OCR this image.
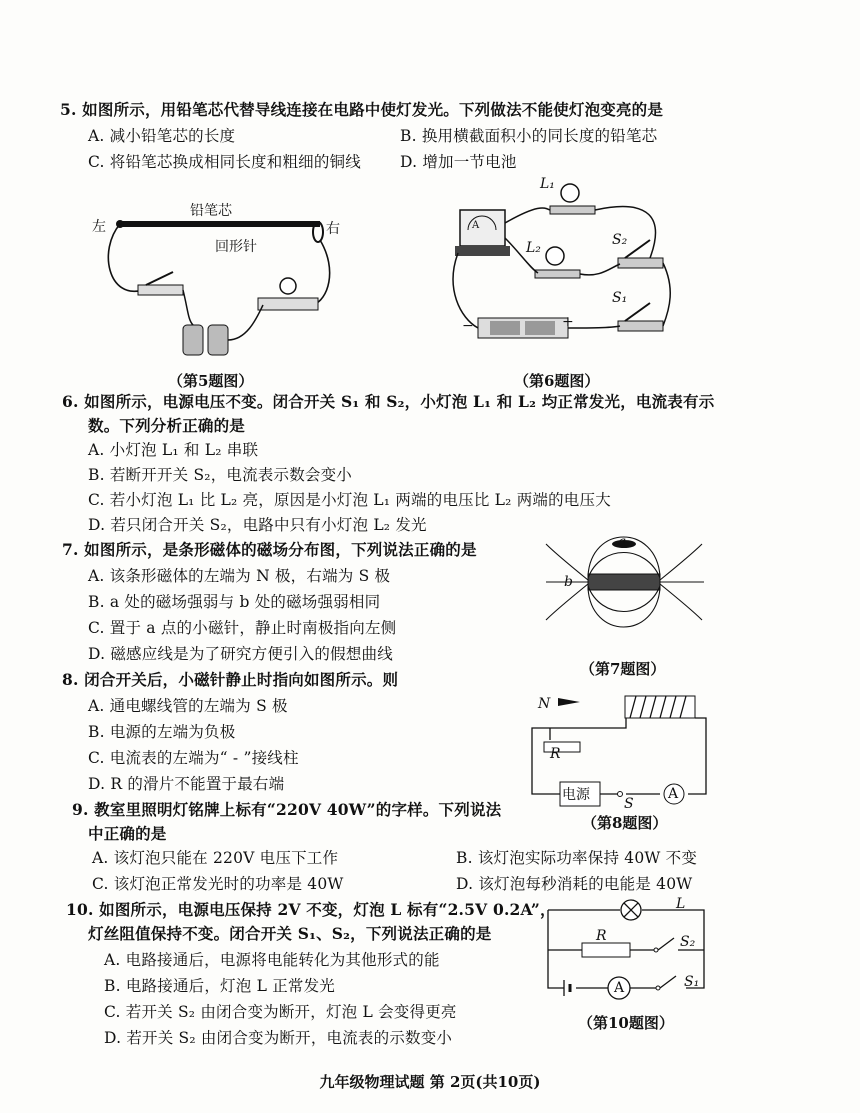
5. 如图所示，用铅笔芯代替导线连接在电路中使灯发光。下列做法不能使灯泡变亮的是
A. 减小铅笔芯的长度	B. 换用横截面积小的同长度的铅笔芯
C. 将铅笔芯换成相同长度和粗细的铜线	D. 增加一节电池
左	右
铅笔芯
回形针
（第5题图）
L₁
L₂	S₂
S₁
A
−	+
（第6题图）
6. 如图所示，电源电压不变。闭合开关 S₁ 和 S₂，小灯泡 L₁ 和 L₂ 均正常发光，电流表有示
数。下列分析正确的是
A. 小灯泡 L₁ 和 L₂ 串联
B. 若断开开关 S₂，电流表示数会变小
C. 若小灯泡 L₁ 比 L₂ 亮，原因是小灯泡 L₁ 两端的电压比 L₂ 两端的电压大
D. 若只闭合开关 S₂，电路中只有小灯泡 L₂ 发光
7. 如图所示，是条形磁体的磁场分布图，下列说法正确的是
A. 该条形磁体的左端为 N 极，右端为 S 极
B. a 处的磁场强弱与 b 处的磁场强弱相同
C. 置于 a 点的小磁针，静止时南极指向左侧
D. 磁感应线是为了研究方便引入的假想曲线
a
b
（第7题图）
8. 闭合开关后，小磁针静止时指向如图所示。则
A. 通电螺线管的左端为 S 极
B. 电源的左端为负极
C. 电流表的左端为“ - ”接线柱
D. R 的滑片不能置于最右端
N
R
电源
S
A
（第8题图）
9. 教室里照明灯铭牌上标有“220V 40W”的字样。下列说法
中正确的是
A. 该灯泡只能在 220V 电压下工作	B. 该灯泡实际功率保持 40W 不变
C. 该灯泡正常发光时的功率是 40W	D. 该灯泡每秒消耗的电能是 40W
10. 如图所示，电源电压保持 2V 不变，灯泡 L 标有“2.5V 0.2A”，
灯丝阻值保持不变。闭合开关 S₁、S₂，下列说法正确的是
A. 电路接通后，电源将电能转化为其他形式的能
B. 电路接通后，灯泡 L 正常发光
C. 若开关 S₂ 由闭合变为断开，灯泡 L 会变得更亮
D. 若开关 S₂ 由闭合变为断开，电流表的示数变小
L
R	S₂
S₁
A
（第10题图）
九年级物理试题 第 2页(共10页)
